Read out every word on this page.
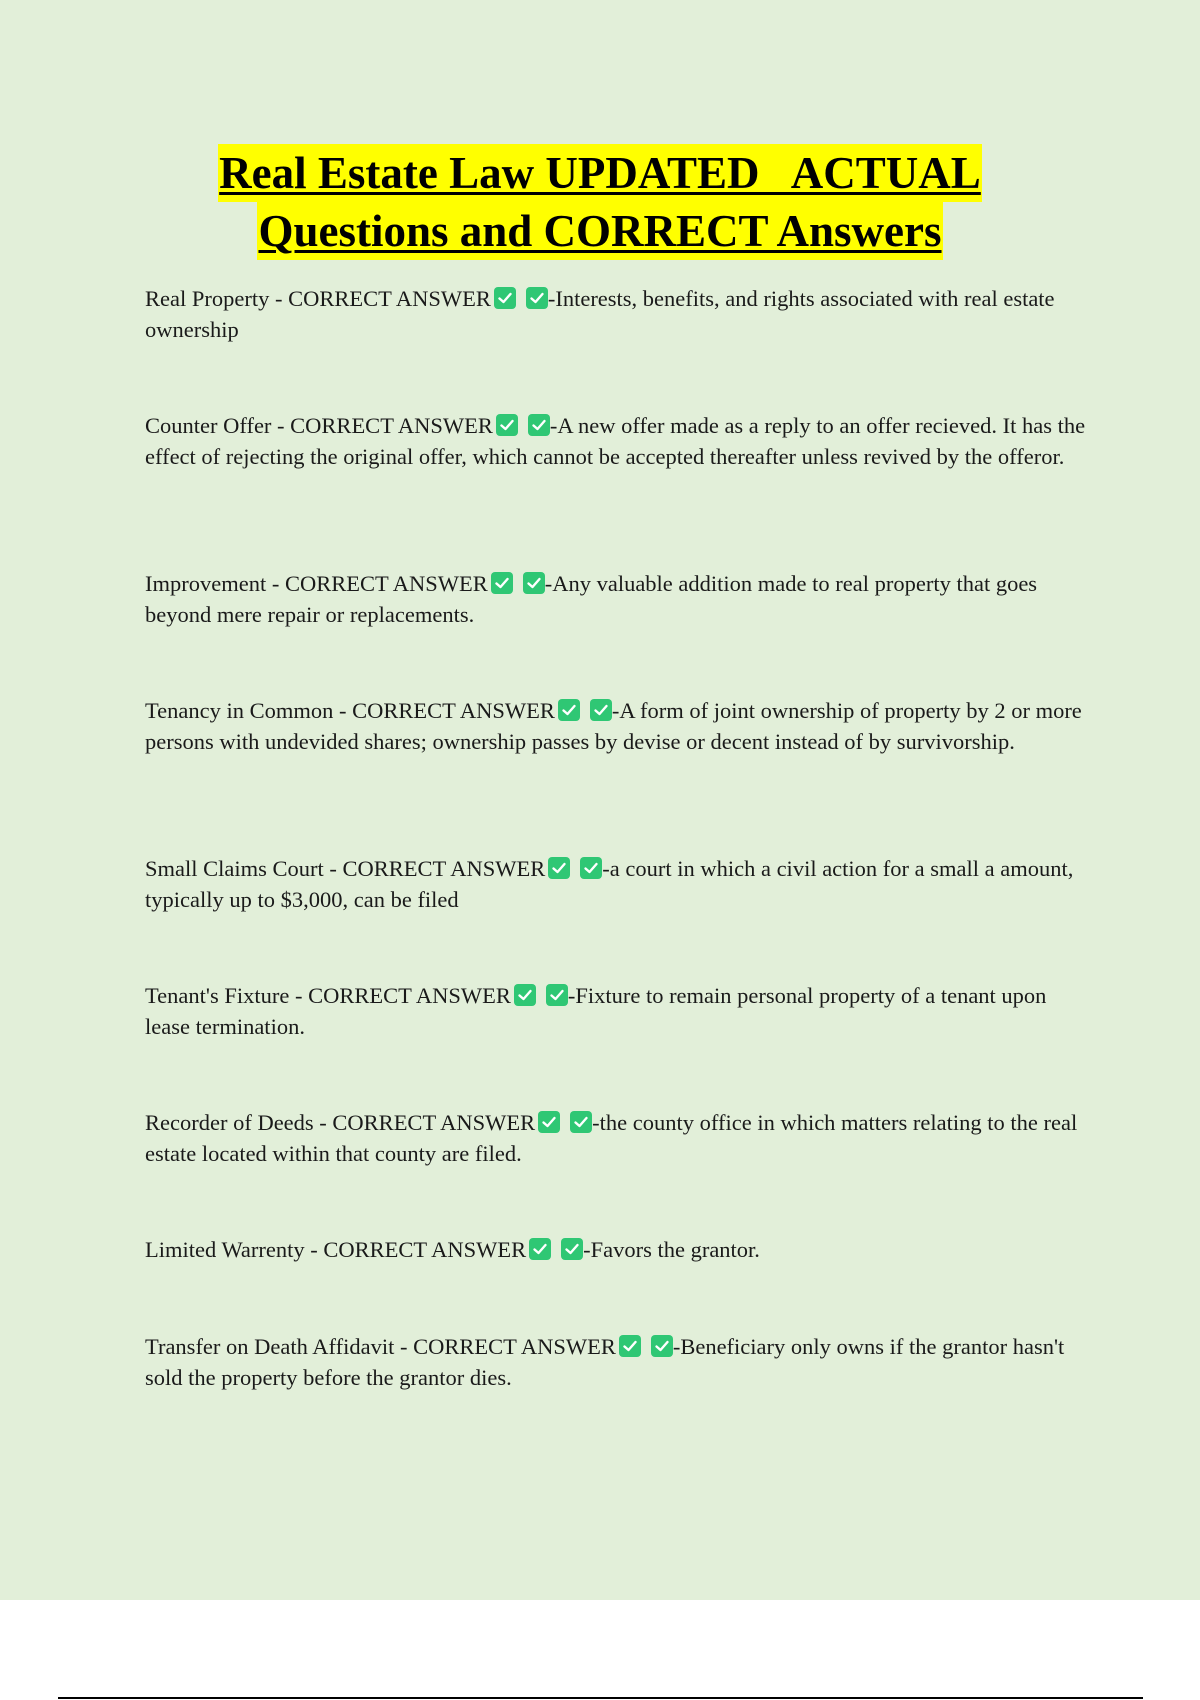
Real Estate Law UPDATED   ACTUAL
Questions and CORRECT Answers

Real Property - CORRECT ANSWER	-Interests, benefits, and rights associated with real estate ownership

Counter Offer - CORRECT ANSWER	-A new offer made as a reply to an offer recieved. It has the effect of rejecting the original offer, which cannot be accepted thereafter unless revived by the offeror.

Improvement - CORRECT ANSWER	-Any valuable addition made to real property that goes beyond mere repair or replacements.

Tenancy in Common - CORRECT ANSWER	-A form of joint ownership of property by 2 or more persons with undevided shares; ownership passes by devise or decent instead of by survivorship.

Small Claims Court - CORRECT ANSWER	-a court in which a civil action for a small a amount, typically up to $3,000, can be filed

Tenant's Fixture - CORRECT ANSWER	-Fixture to remain personal property of a tenant upon lease termination.

Recorder of Deeds - CORRECT ANSWER	-the county office in which matters relating to the real estate located within that county are filed.

Limited Warrenty - CORRECT ANSWER	-Favors the grantor.

Transfer on Death Affidavit - CORRECT ANSWER	-Beneficiary only owns if the grantor hasn't sold the property before the grantor dies.
